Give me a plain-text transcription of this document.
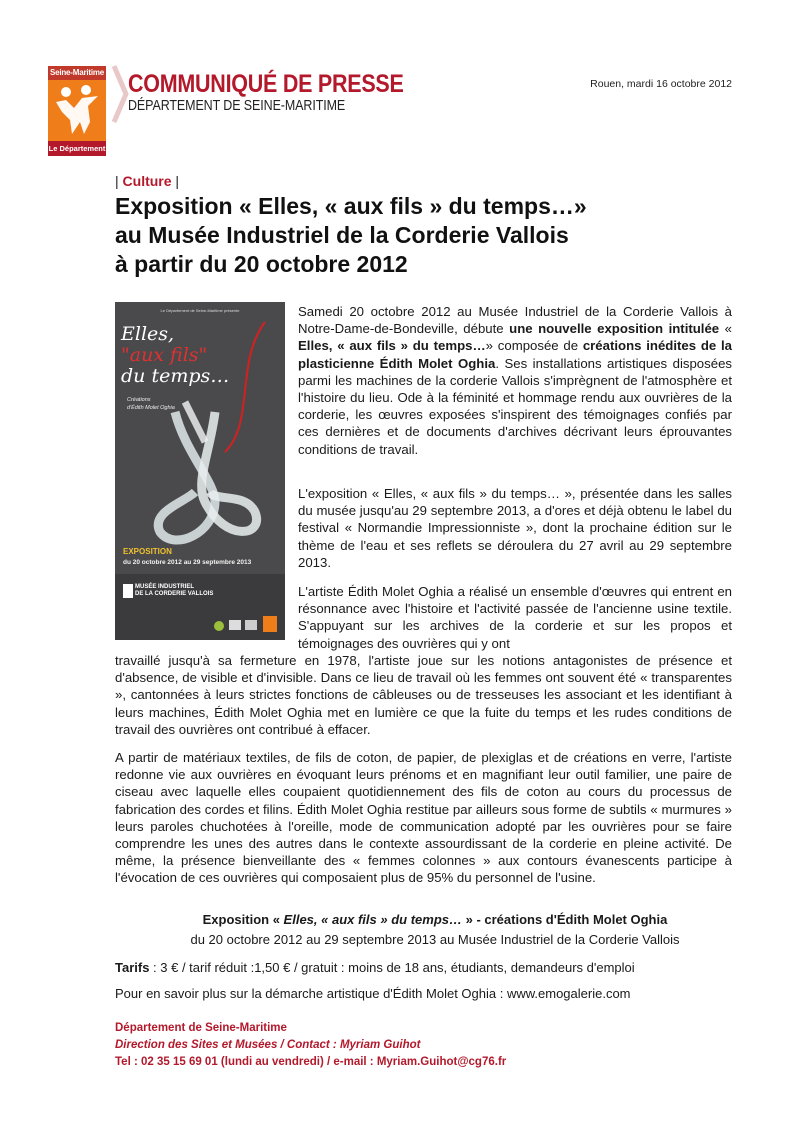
Seine-Maritime
Le Département
COMMUNIQUÉ DE PRESSE
DÉPARTEMENT DE SEINE-MARITIME
Rouen, mardi 16 octobre 2012
| Culture |
Exposition « Elles, « aux fils » du temps…»
au Musée Industriel de la Corderie Vallois
à partir du 20 octobre 2012
Le Département de Seine-Maritime présente
Elles,
"aux fils"
du temps…
Créations
d'Édith Molet Oghia
EXPOSITION
du 20 octobre 2012 au 29 septembre 2013
MUSÉE INDUSTRIEL
DE LA CORDERIE VALLOIS
Samedi 20 octobre 2012 au Musée Industriel de la Corderie Vallois à Notre-Dame-de-Bondeville, débute une nouvelle exposition intitulée « Elles, « aux fils » du temps…» composée de créations inédites de la plasticienne Édith Molet Oghia. Ses installations artistiques disposées parmi les machines de la corderie Vallois s'imprègnent de l'atmosphère et l'histoire du lieu. Ode à la féminité et hommage rendu aux ouvrières de la corderie, les œuvres exposées s'inspirent des témoignages confiés par ces dernières et de documents d'archives décrivant leurs éprouvantes conditions de travail.
L'exposition « Elles, « aux fils » du temps… », présentée dans les salles du musée jusqu'au 29 septembre 2013, a d'ores et déjà obtenu le label du festival « Normandie Impressionniste », dont la prochaine édition sur le thème de l'eau et ses reflets se déroulera du 27 avril au 29 septembre 2013.
L'artiste Édith Molet Oghia a réalisé un ensemble d'œuvres qui entrent en résonnance avec l'histoire et l'activité passée de l'ancienne usine textile. S'appuyant sur les archives de la corderie et sur les propos et témoignages des ouvrières qui y ont
travaillé jusqu'à sa fermeture en 1978, l'artiste joue sur les notions antagonistes de présence et d'absence, de visible et d'invisible. Dans ce lieu de travail où les femmes ont souvent été « transparentes », cantonnées à leurs strictes fonctions de câbleuses ou de tresseuses les associant et les identifiant à leurs machines, Édith Molet Oghia met en lumière ce que la fuite du temps et les rudes conditions de travail des ouvrières ont contribué à effacer.
A partir de matériaux textiles, de fils de coton, de papier, de plexiglas et de créations en verre, l'artiste redonne vie aux ouvrières en évoquant leurs prénoms et en magnifiant leur outil familier, une paire de ciseau avec laquelle elles coupaient quotidiennement des fils de coton au cours du processus de fabrication des cordes et filins. Édith Molet Oghia restitue par ailleurs sous forme de subtils « murmures » leurs paroles chuchotées à l'oreille, mode de communication adopté par les ouvrières pour se faire comprendre les unes des autres dans le contexte assourdissant de la corderie en pleine activité. De même, la présence bienveillante des « femmes colonnes » aux contours évanescents participe à l'évocation de ces ouvrières qui composaient plus de 95% du personnel de l'usine.
Exposition « Elles, « aux fils » du temps… » - créations d'Édith Molet Oghia
du 20 octobre 2012 au 29 septembre 2013 au Musée Industriel de la Corderie Vallois
Tarifs : 3 € / tarif réduit :1,50 € / gratuit : moins de 18 ans, étudiants, demandeurs d'emploi
Pour en savoir plus sur la démarche artistique d'Édith Molet Oghia : www.emogalerie.com
Département de Seine-Maritime
Direction des Sites et Musées / Contact : Myriam Guihot
Tel : 02 35 15 69 01 (lundi au vendredi) / e-mail : Myriam.Guihot@cg76.fr
